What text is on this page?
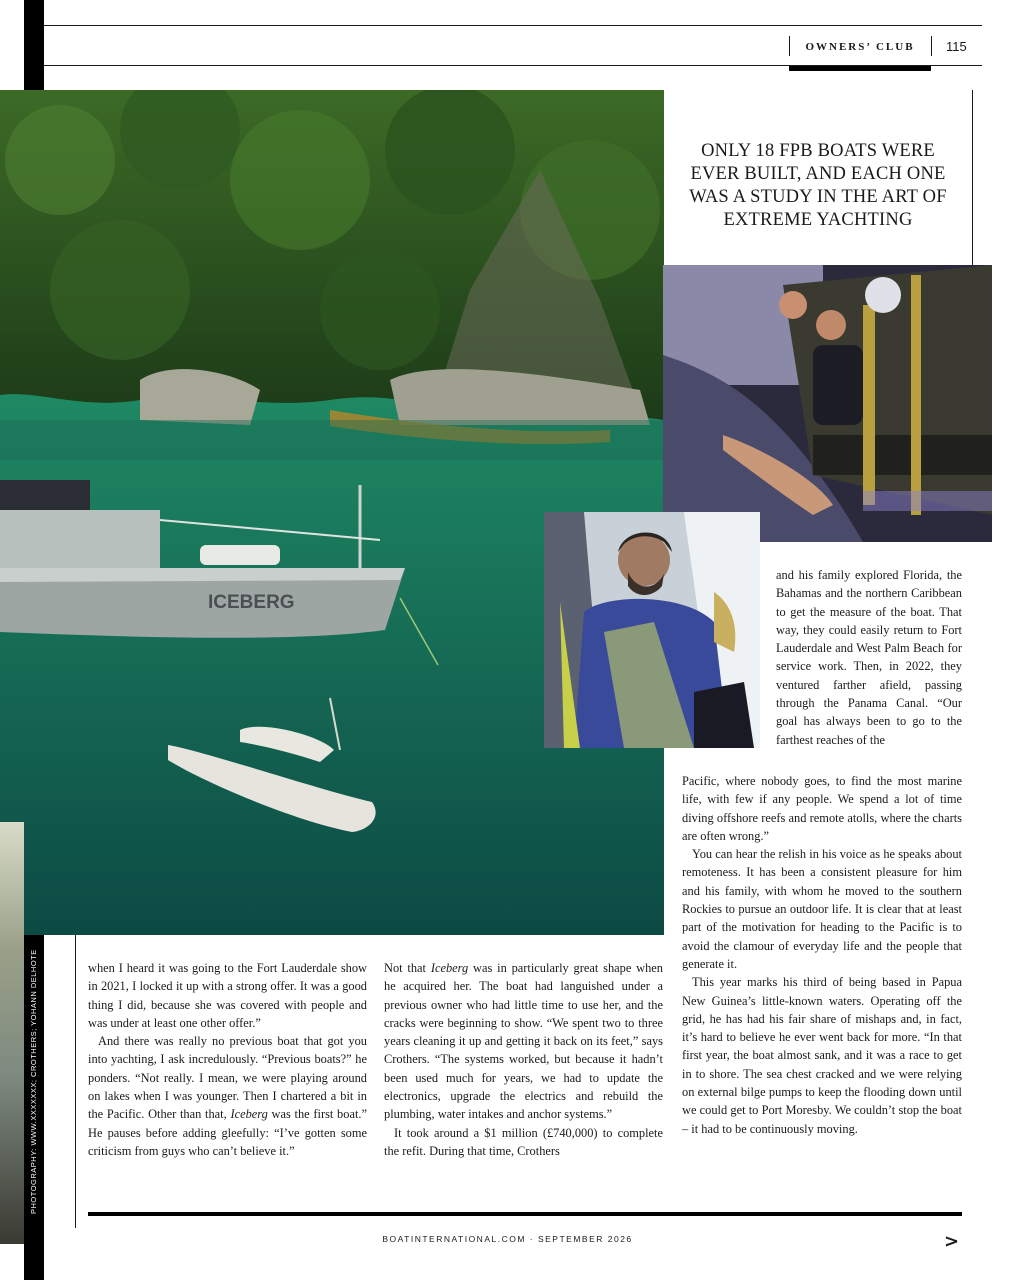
OWNERS’ CLUB	115
ICEBERG
ONLY 18 FPB BOATS WERE EVER BUILT, AND EACH ONE WAS A STUDY IN THE ART OF EXTREME YACHTING

when I heard it was going to the Fort Lauderdale show in 2021, I locked it up with a strong offer. It was a good thing I did, because she was covered with people and was under at least one other offer.”

And there was really no previous boat that got you into yachting, I ask incredulously. “Previous boats?” he ponders. “Not really. I mean, we were playing around on lakes when I was younger. Then I chartered a bit in the Pacific. Other than that, Iceberg was the first boat.” He pauses before adding gleefully: “I’ve gotten some criticism from guys who can’t believe it.”

Not that Iceberg was in particularly great shape when he acquired her. The boat had languished under a previous owner who had little time to use her, and the cracks were beginning to show. “We spent two to three years cleaning it up and getting it back on its feet,” says Crothers. “The systems worked, but because it hadn’t been used much for years, we had to update the electronics, upgrade the electrics and rebuild the plumbing, water intakes and anchor systems.”

It took around a $1 million (£740,000) to complete the refit. During that time, Crothers

and his family explored Florida, the Bahamas and the northern Caribbean to get the measure of the boat. That way, they could easily return to Fort Lauderdale and West Palm Beach for service work. Then, in 2022, they ventured farther afield, passing through the Panama Canal. “Our goal has always been to go to the farthest reaches of the

Pacific, where nobody goes, to find the most marine life, with few if any people. We spend a lot of time diving offshore reefs and remote atolls, where the charts are often wrong.”

You can hear the relish in his voice as he speaks about remoteness. It has been a consistent pleasure for him and his family, with whom he moved to the southern Rockies to pursue an outdoor life. It is clear that at least part of the motivation for heading to the Pacific is to avoid the clamour of everyday life and the people that generate it.

This year marks his third of being based in Papua New Guinea’s little-known waters. Operating off the grid, he has had his fair share of mishaps and, in fact, it’s hard to believe he ever went back for more. “In that first year, the boat almost sank, and it was a race to get in to shore. The sea chest cracked and we were relying on external bilge pumps to keep the flooding down until we could get to Port Moresby. We couldn’t stop the boat – it had to be continuously moving.

PHOTOGRAPHY: WWW.XXXXXXX; CROTHERS; YOHANN DELHOTE
BOATINTERNATIONAL.COM · SEPTEMBER 2026	>
